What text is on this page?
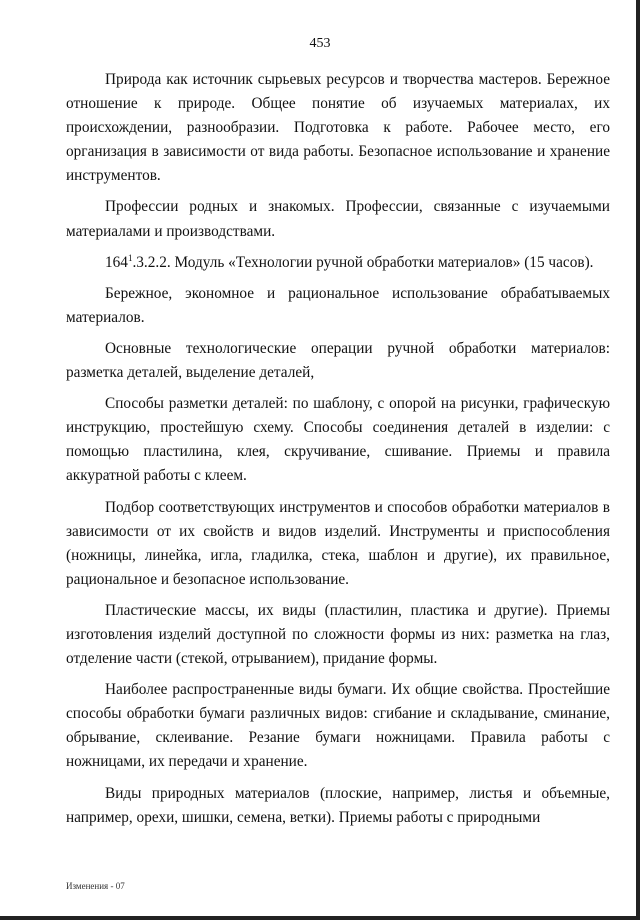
453

Природа как источник сырьевых ресурсов и творчества мастеров. Бережное отношение к природе. Общее понятие об изучаемых материалах, их происхождении, разнообразии. Подготовка к работе. Рабочее место, его организация в зависимости от вида работы. Безопасное использование и хранение инструментов.

Профессии родных и знакомых. Профессии, связанные с изучаемыми материалами и производствами.

$164^1.3.2.2$. Модуль «Технологии ручной обработки материалов» (15 часов).

Бережное, экономное и рациональное использование обрабатываемых материалов.

Основные технологические операции ручной обработки материалов: разметка деталей, выделение деталей,

Способы разметки деталей: по шаблону, с опорой на рисунки, графическую инструкцию, простейшую схему. Способы соединения деталей в изделии: с помощью пластилина, клея, скручивание, сшивание. Приемы и правила аккуратной работы с клеем.

Подбор соответствующих инструментов и способов обработки материалов в зависимости от их свойств и видов изделий. Инструменты и приспособления (ножницы, линейка, игла, гладилка, стека, шаблон и другие), их правильное, рациональное и безопасное использование.

Пластические массы, их виды (пластилин, пластика и другие). Приемы изготовления изделий доступной по сложности формы из них: разметка на глаз, отделение части (стекой, отрыванием), придание формы.

Наиболее распространенные виды бумаги. Их общие свойства. Простейшие способы обработки бумаги различных видов: сгибание и складывание, сминание, обрывание, склеивание. Резание бумаги ножницами. Правила работы с ножницами, их передачи и хранение.

Виды природных материалов (плоские, например, листья и объемные, например, орехи, шишки, семена, ветки). Приемы работы с природными

Изменения - 07
